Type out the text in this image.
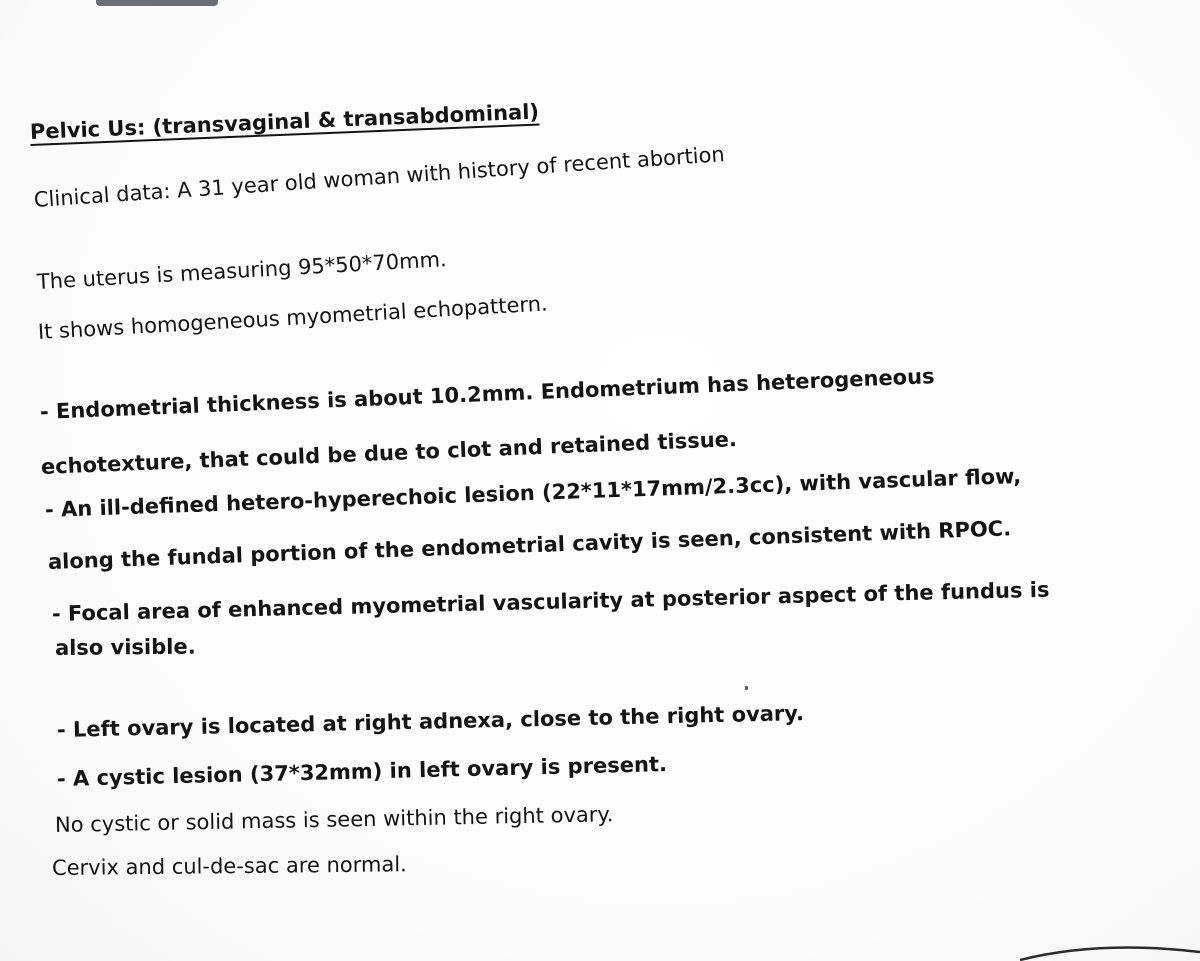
Pelvic Us: (transvaginal & transabdominal)

Clinical data: A 31 year old woman with history of recent abortion

The uterus is measuring 95*50*70mm.

It shows homogeneous myometrial echopattern.

- Endometrial thickness is about 10.2mm. Endometrium has heterogeneous

echotexture, that could be due to clot and retained tissue.

- An ill-defined hetero-hyperechoic lesion (22*11*17mm/2.3cc), with vascular flow,

along the fundal portion of the endometrial cavity is seen, consistent with RPOC.

- Focal area of enhanced myometrial vascularity at posterior aspect of the fundus is

also visible.

- Left ovary is located at right adnexa, close to the right ovary.

- A cystic lesion (37*32mm) in left ovary is present.

No cystic or solid mass is seen within the right ovary.

Cervix and cul-de-sac are normal.
